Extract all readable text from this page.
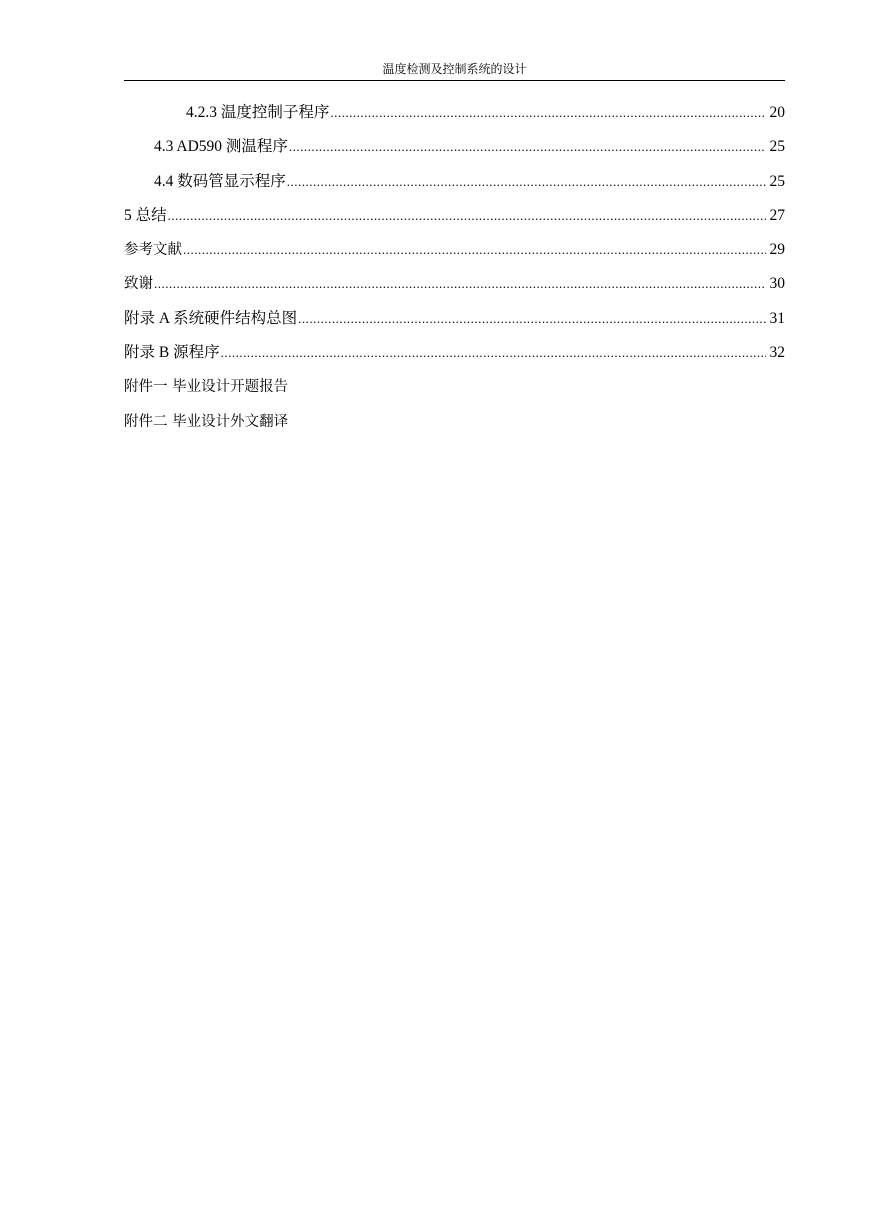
温度检测及控制系统的设计
4.2.3 温度控制子程序 .....	20
4.3 AD590 测温程序 .....	25
4.4 数码管显示程序 .....	25
5 总结 .....	27
参考文献 .....	29
致谢 .....	30
附录 A 系统硬件结构总图 .....	31
附录 B 源程序 .....	32
附件一 毕业设计开题报告
附件二 毕业设计外文翻译
